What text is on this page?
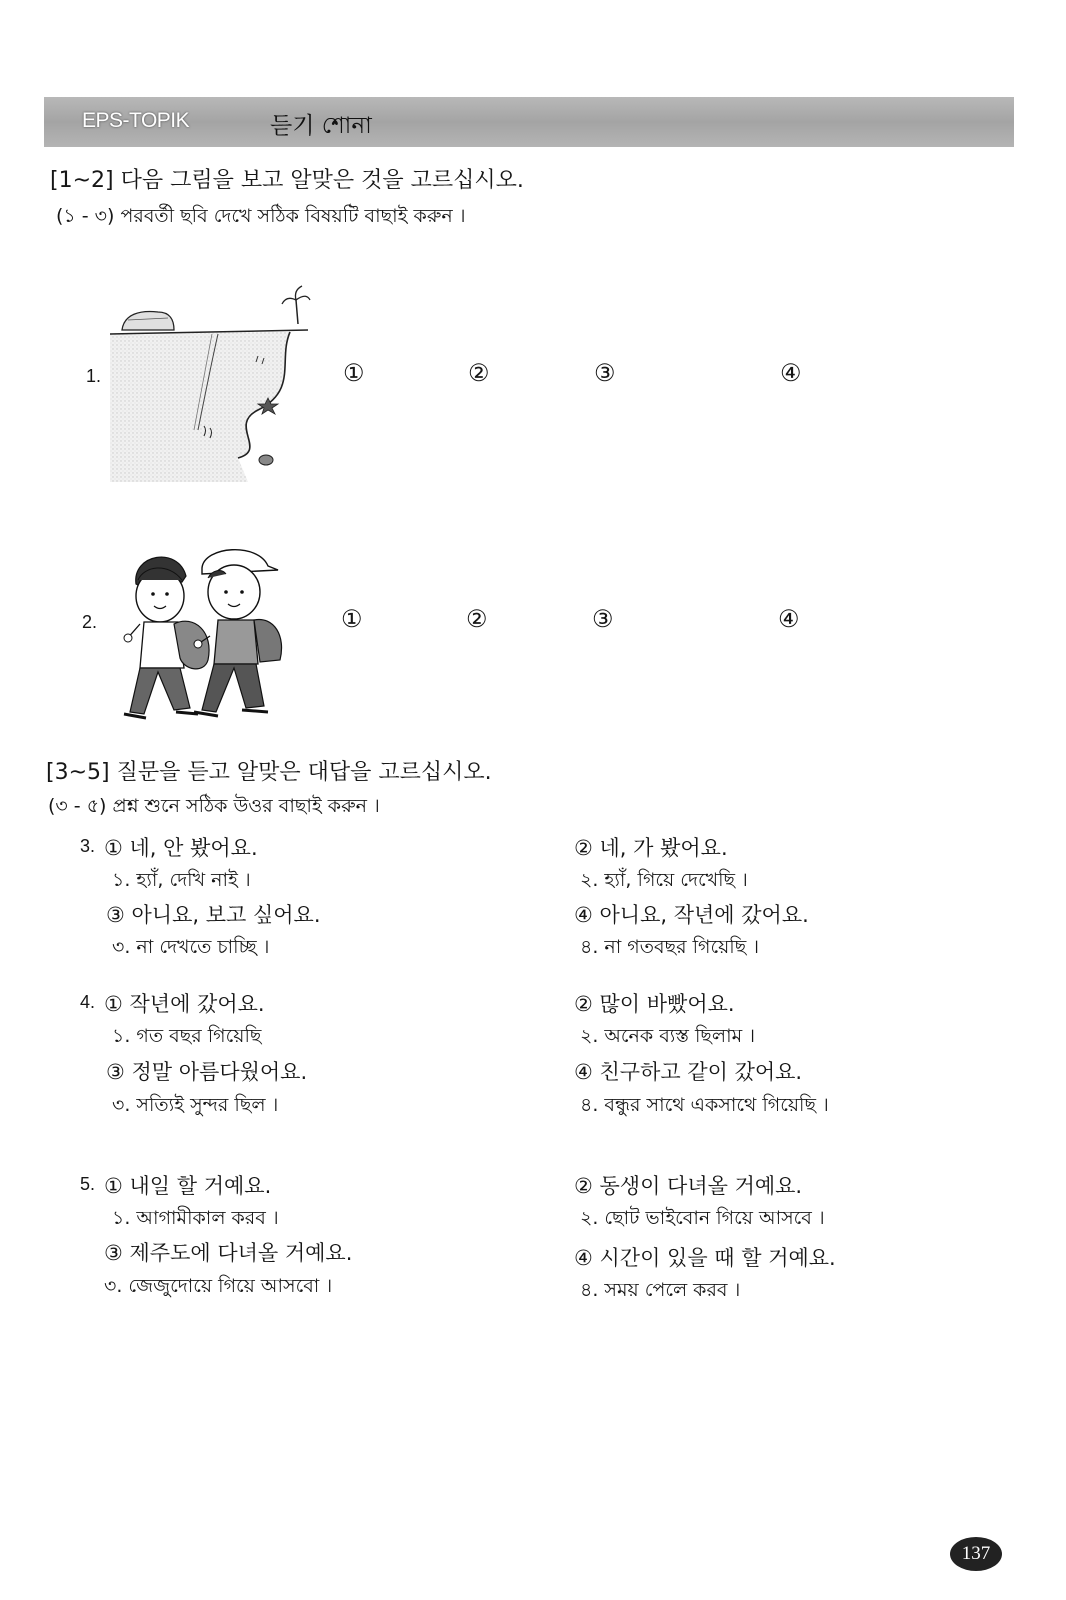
EPS-TOPIK	듣기 শোনা
[1~2] 다음 그림을 보고 알맞은 것을 고르십시오.
(১ - ৩) পরবর্তী ছবি দেখে সঠিক বিষয়টি বাছাই করুন ।
1.	①	②	③	④
2.	①	②	③	④
[3~5] 질문을 듣고 알맞은 대답을 고르십시오.
(৩ - ৫) প্রশ্ন শুনে সঠিক উওর বাছাই করুন ।
3. ① 네, 안 봤어요.
১. হ্যাঁ, দেখি নাই ।
② 네, 가 봤어요.
২. হ্যাঁ, গিয়ে দেখেছি ।
③ 아니요, 보고 싶어요.
৩. না দেখতে চাচ্ছি ।
④ 아니요, 작년에 갔어요.
৪. না গতবছর গিয়েছি ।
4. ① 작년에 갔어요.
১. গত বছর গিয়েছি
② 많이 바빴어요.
২. অনেক ব্যস্ত ছিলাম ।
③ 정말 아름다웠어요.
৩. সত্যিই সুন্দর ছিল ।
④ 친구하고 같이 갔어요.
৪. বন্ধুর সাথে একসাথে গিয়েছি ।
5. ① 내일 할 거예요.
১. আগামীকাল করব ।
② 동생이 다녀올 거예요.
২. ছোট ভাইবোন গিয়ে আসবে ।
③ 제주도에 다녀올 거예요.
৩. জেজুদোয়ে গিয়ে আসবো ।
④ 시간이 있을 때 할 거예요.
৪. সময় পেলে করব ।
137
